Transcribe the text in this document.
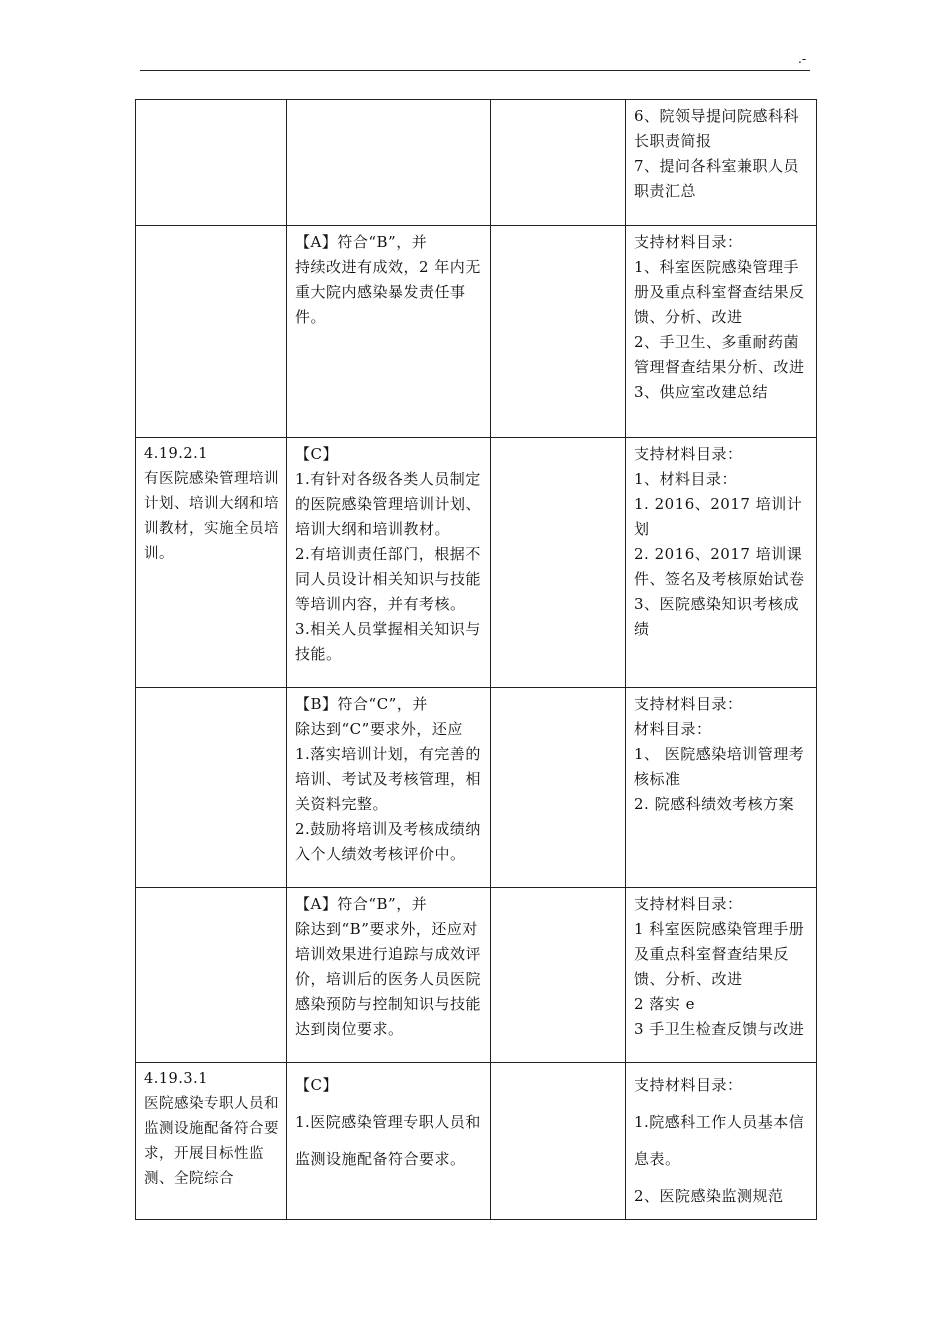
.-

			6、院领导提问院感科科长职责简报
7、提问各科室兼职人员职责汇总

	【A】符合“B”，并
持续改进有成效，2 年内无重大院内感染暴发责任事件。		支持材料目录：
1、科室医院感染管理手册及重点科室督查结果反馈、分析、改进
2、手卫生、多重耐药菌管理督查结果分析、改进
3、供应室改建总结

4.19.2.1
有医院感染管理培训计划、培训大纲和培训教材，实施全员培训。	【C】
1.有针对各级各类人员制定的医院感染管理培训计划、培训大纲和培训教材。
2.有培训责任部门，根据不同人员设计相关知识与技能等培训内容，并有考核。
3.相关人员掌握相关知识与技能。		支持材料目录：
1、材料目录：
1. 2016、2017 培训计划
2. 2016、2017 培训课件、签名及考核原始试卷
3、医院感染知识考核成绩

	【B】符合“C”，并
除达到“C”要求外，还应
1.落实培训计划，有完善的培训、考试及考核管理，相关资料完整。
2.鼓励将培训及考核成绩纳入个人绩效考核评价中。		支持材料目录：
材料目录：
1、 医院感染培训管理考核标准
2. 院感科绩效考核方案

	【A】符合“B”，并
除达到“B”要求外，还应对培训效果进行追踪与成效评价，培训后的医务人员医院感染预防与控制知识与技能达到岗位要求。		支持材料目录：
1 科室医院感染管理手册及重点科室督查结果反馈、分析、改进
2 落实 e
3 手卫生检查反馈与改进

4.19.3.1
医院感染专职人员和监测设施配备符合要求，开展目标性监测、全院综合	【C】
1.医院感染管理专职人员和监测设施配备符合要求。		支持材料目录：
1.院感科工作人员基本信息表。
2、医院感染监测规范
